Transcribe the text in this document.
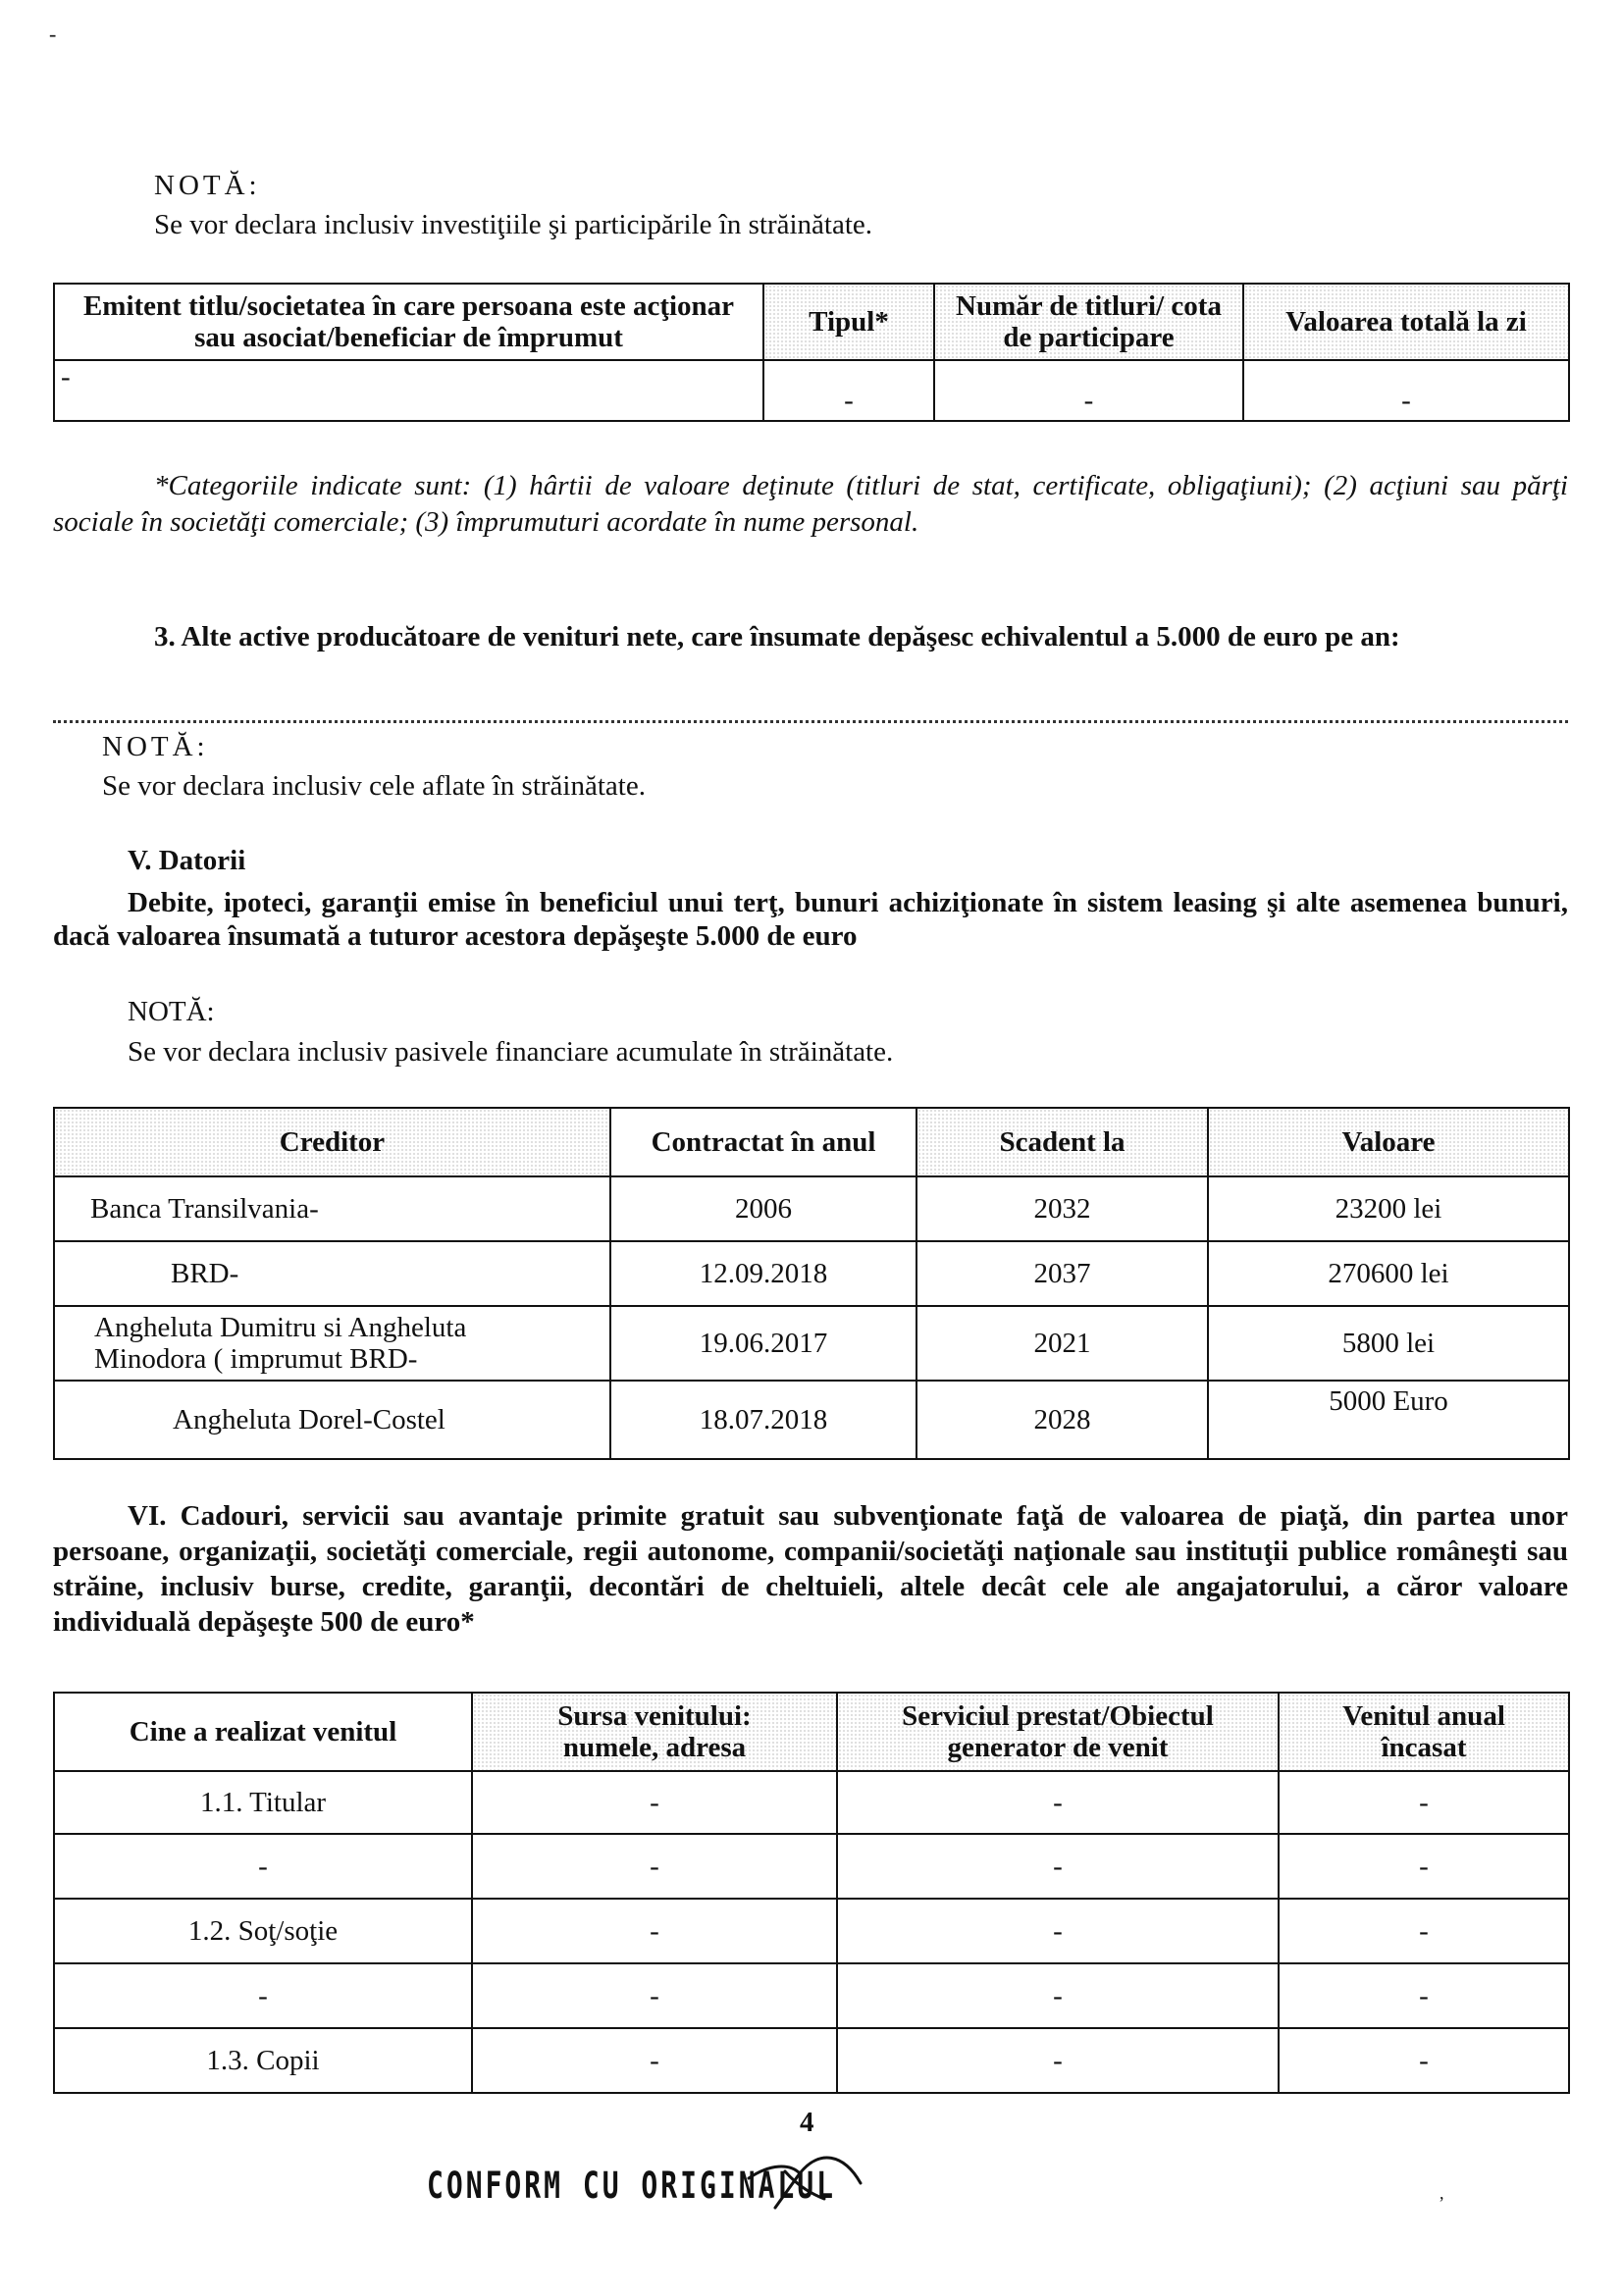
-
NOTĂ:
Se vor declara inclusiv investiţiile şi participările în străinătate.
Emitent titlu/societatea în care persoana este acţionar sau asociat/beneficiar de împrumut	Tipul*	Număr de titluri/ cota de participare	Valoarea totală la zi
-	-	-	-
*Categoriile indicate sunt: (1) hârtii de valoare deţinute (titluri de stat, certificate, obligaţiuni); (2) acţiuni sau părţi sociale în societăţi comerciale; (3) împrumuturi acordate în nume personal.
3. Alte active producătoare de venituri nete, care însumate depăşesc echivalentul a 5.000 de euro pe an:
NOTĂ:
Se vor declara inclusiv cele aflate în străinătate.
V. Datorii
Debite, ipoteci, garanţii emise în beneficiul unui terţ, bunuri achiziţionate în sistem leasing şi alte asemenea bunuri, dacă valoarea însumată a tuturor acestora depăşeşte 5.000 de euro
NOTĂ:
Se vor declara inclusiv pasivele financiare acumulate în străinătate.
Creditor	Contractat în anul	Scadent la	Valoare
Banca Transilvania-	2006	2032	23200 lei
BRD-	12.09.2018	2037	270600 lei
Angheluta Dumitru si Angheluta Minodora ( imprumut BRD-	19.06.2017	2021	5800 lei
Angheluta Dorel-Costel	18.07.2018	2028	5000 Euro
VI. Cadouri, servicii sau avantaje primite gratuit sau subvenţionate faţă de valoarea de piaţă, din partea unor persoane, organizaţii, societăţi comerciale, regii autonome, companii/societăţi naţionale sau instituţii publice româneşti sau străine, inclusiv burse, credite, garanţii, decontări de cheltuieli, altele decât cele ale angajatorului, a căror valoare individuală depăşeşte 500 de euro*
Cine a realizat venitul	Sursa venitului: numele, adresa	Serviciul prestat/Obiectul generator de venit	Venitul anual încasat
1.1. Titular	-	-	-
-	-	-	-
1.2. Soţ/soţie	-	-	-
-	-	-	-
1.3. Copii	-	-	-
4
CONFORM CU ORIGINALUL	,
